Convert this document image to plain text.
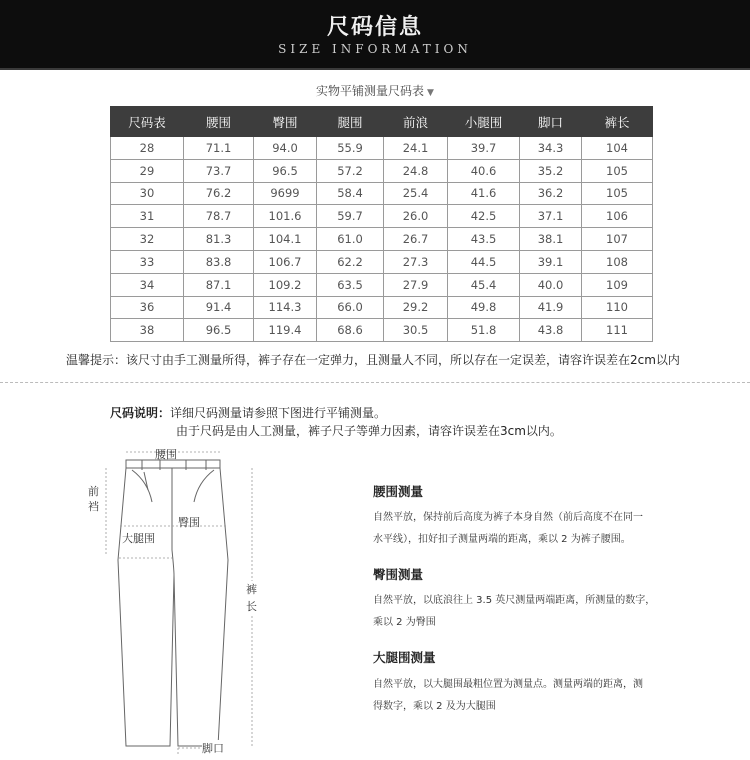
尺码信息
SIZE INFORMATION
实物平铺测量尺码表 ▼
尺码表	腰围	臀围	腿围	前浪	小腿围	脚口	裤长
28	71.1	94.0	55.9	24.1	39.7	34.3	104
29	73.7	96.5	57.2	24.8	40.6	35.2	105
30	76.2	9699	58.4	25.4	41.6	36.2	105
31	78.7	101.6	59.7	26.0	42.5	37.1	106
32	81.3	104.1	61.0	26.7	43.5	38.1	107
33	83.8	106.7	62.2	27.3	44.5	39.1	108
34	87.1	109.2	63.5	27.9	45.4	40.0	109
36	91.4	114.3	66.0	29.2	49.8	41.9	110
38	96.5	119.4	68.6	30.5	51.8	43.8	111
温馨提示：该尺寸由手工测量所得，裤子存在一定弹力，且测量人不同，所以存在一定误差，请容许误差在2cm以内
尺码说明：详细尺码测量请参照下图进行平铺测量。
由于尺码是由人工测量，裤子尺子等弹力因素，请容许误差在3cm以内。
腰围
前裆
臀围
大腿围
裤长
脚口
腰围测量
自然平放，保持前后高度为裤子本身自然（前后高度不在同一
水平线），扣好扣子测量两端的距离，乘以 2 为裤子腰围。
臀围测量
自然平放，以底浪往上 3.5 英尺测量两端距离，所测量的数字，
乘以 2 为臀围
大腿围测量
自然平放，以大腿围最粗位置为测量点。测量两端的距离，测
得数字，乘以 2 及为大腿围
